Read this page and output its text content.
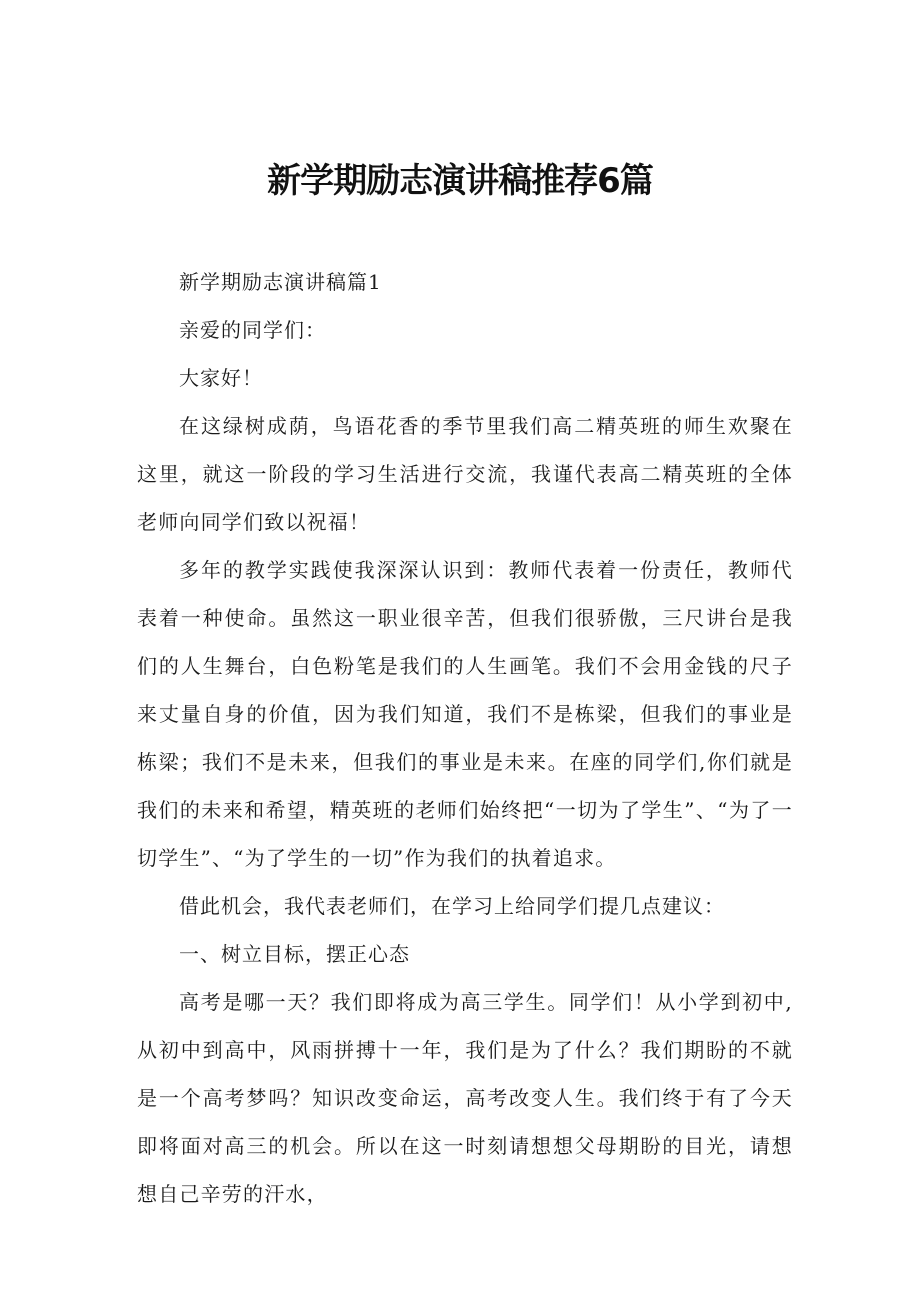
新学期励志演讲稿推荐6篇

新学期励志演讲稿篇1

亲爱的同学们：

大家好！

在这绿树成荫，鸟语花香的季节里我们高二精英班的师生欢聚在这里，就这一阶段的学习生活进行交流，我谨代表高二精英班的全体老师向同学们致以祝福！

多年的教学实践使我深深认识到：教师代表着一份责任，教师代表着一种使命。虽然这一职业很辛苦，但我们很骄傲，三尺讲台是我们的人生舞台，白色粉笔是我们的人生画笔。我们不会用金钱的尺子来丈量自身的价值，因为我们知道，我们不是栋梁，但我们的事业是栋梁；我们不是未来，但我们的事业是未来。在座的同学们,你们就是我们的未来和希望，精英班的老师们始终把“一切为了学生”、“为了一切学生”、“为了学生的一切”作为我们的执着追求。

借此机会，我代表老师们，在学习上给同学们提几点建议：

一、树立目标，摆正心态

高考是哪一天？我们即将成为高三学生。同学们！从小学到初中,从初中到高中，风雨拼搏十一年，我们是为了什么？我们期盼的不就是一个高考梦吗？知识改变命运，高考改变人生。我们终于有了今天即将面对高三的机会。所以在这一时刻请想想父母期盼的目光，请想想自己辛劳的汗水，
